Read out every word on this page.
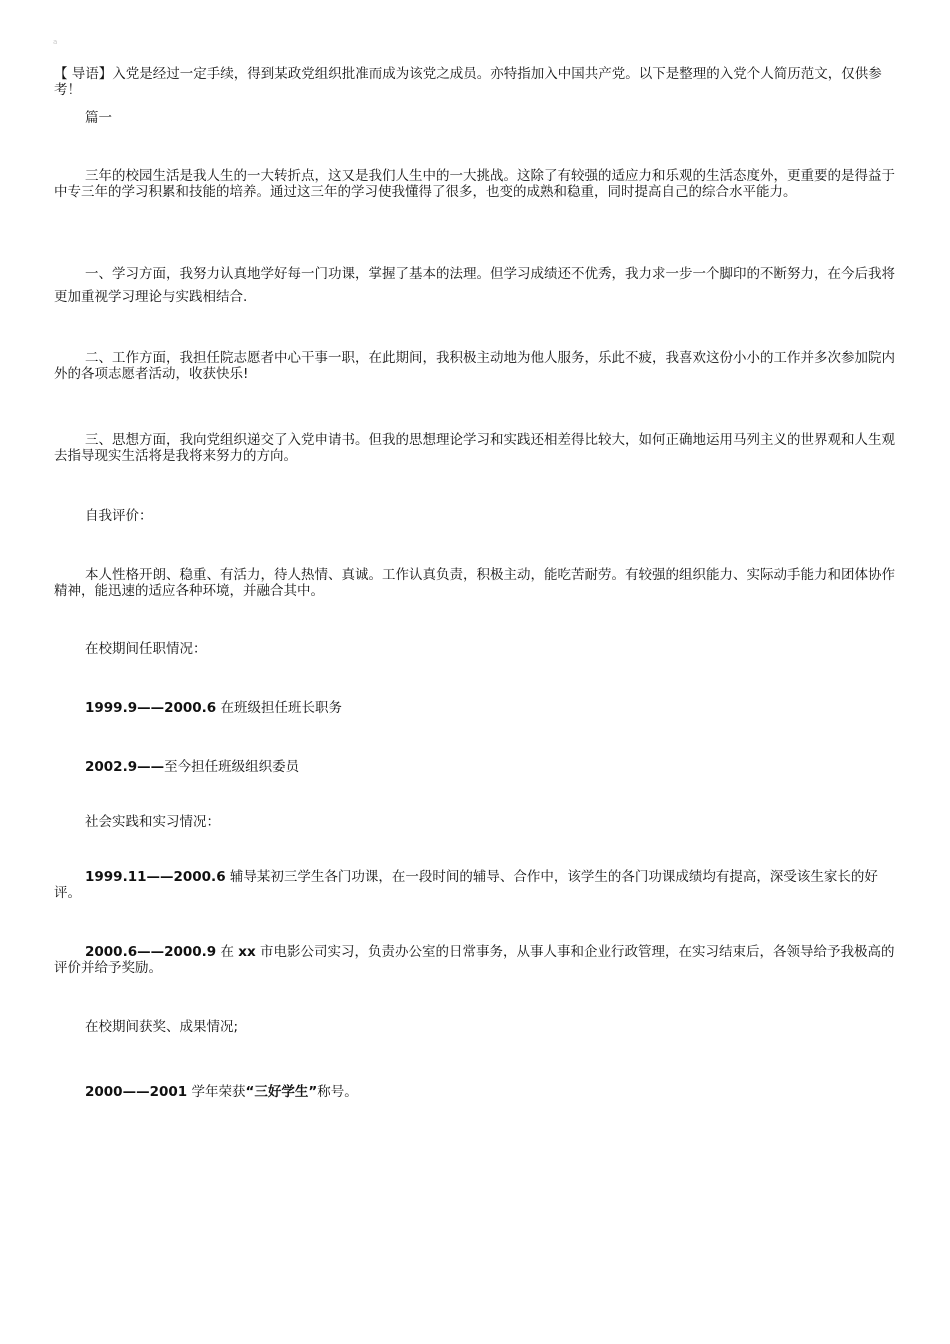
a
【 导语】入党是经过一定手续，得到某政党组织批准而成为该党之成员。亦特指加入中国共产党。以下是整理的入党个人简历范文，仅供参考！
篇一
三年的校园生活是我人生的一大转折点，这又是我们人生中的一大挑战。这除了有较强的适应力和乐观的生活态度外，更重要的是得益于中专三年的学习积累和技能的培养。通过这三年的学习使我懂得了很多，也变的成熟和稳重，同时提高自己的综合水平能力。
一、学习方面，我努力认真地学好每一门功课，掌握了基本的法理。但学习成绩还不优秀，我力求一步一个脚印的不断努力，在今后我将更加重视学习理论与实践相结合.
二、工作方面，我担任院志愿者中心干事一职，在此期间，我积极主动地为他人服务，乐此不疲，我喜欢这份小小的工作并多次参加院内外的各项志愿者活动，收获快乐!
三、思想方面，我向党组织递交了入党申请书。但我的思想理论学习和实践还相差得比较大，如何正确地运用马列主义的世界观和人生观去指导现实生活将是我将来努力的方向。
自我评价：
本人性格开朗、稳重、有活力，待人热情、真诚。工作认真负责，积极主动，能吃苦耐劳。有较强的组织能力、实际动手能力和团体协作精神，能迅速的适应各种环境，并融合其中。
在校期间任职情况：
1999.9——2000.6 在班级担任班长职务
2002.9——至今担任班级组织委员
社会实践和实习情况：
1999.11——2000.6 辅导某初三学生各门功课，在一段时间的辅导、合作中，该学生的各门功课成绩均有提高，深受该生家长的好评。
2000.6——2000.9 在 xx 市电影公司实习，负责办公室的日常事务，从事人事和企业行政管理，在实习结束后，各领导给予我极高的评价并给予奖励。
在校期间获奖、成果情况;
2000——2001 学年荣获“三好学生”称号。
